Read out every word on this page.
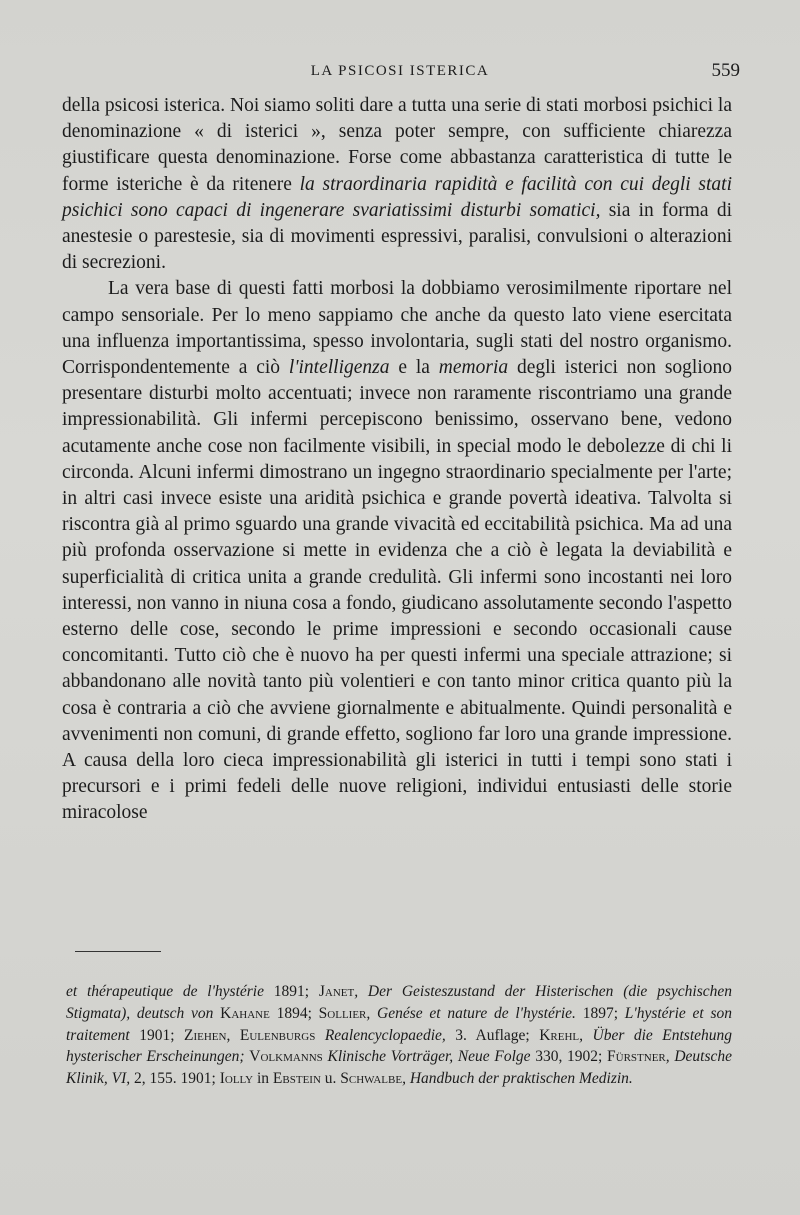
LA PSICOSI ISTERICA	559

della psicosi isterica. Noi siamo soliti dare a tutta una serie di stati morbosi psichici la denominazione « di isterici », senza poter sempre, con sufficiente chiarezza giustificare questa denominazione. Forse come abbastanza caratteristica di tutte le forme isteriche è da ritenere la straordinaria rapidità e facilità con cui degli stati psichici sono capaci di ingenerare svariatissimi disturbi somatici, sia in forma di anestesie o parestesie, sia di movimenti espressivi, paralisi, convulsioni o alterazioni di secrezioni.

La vera base di questi fatti morbosi la dobbiamo verosimilmente riportare nel campo sensoriale. Per lo meno sappiamo che anche da questo lato viene esercitata una influenza importantissima, spesso involontaria, sugli stati del nostro organismo. Corrispondentemente a ciò l'intelligenza e la memoria degli isterici non sogliono presentare disturbi molto accentuati; invece non raramente riscontriamo una grande impressionabilità. Gli infermi percepiscono benissimo, osservano bene, vedono acutamente anche cose non facilmente visibili, in special modo le debolezze di chi li circonda. Alcuni infermi dimostrano un ingegno straordinario specialmente per l'arte; in altri casi invece esiste una aridità psichica e grande povertà ideativa. Talvolta si riscontra già al primo sguardo una grande vivacità ed eccitabilità psichica. Ma ad una più profonda osservazione si mette in evidenza che a ciò è legata la deviabilità e superficialità di critica unita a grande credulità. Gli infermi sono incostanti nei loro interessi, non vanno in niuna cosa a fondo, giudicano assolutamente secondo l'aspetto esterno delle cose, secondo le prime impressioni e secondo occasionali cause concomitanti. Tutto ciò che è nuovo ha per questi infermi una speciale attrazione; si abbandonano alle novità tanto più volentieri e con tanto minor critica quanto più la cosa è contraria a ciò che avviene giornalmente e abitualmente. Quindi personalità e avvenimenti non comuni, di grande effetto, sogliono far loro una grande impressione. A causa della loro cieca impressionabilità gli isterici in tutti i tempi sono stati i precursori e i primi fedeli delle nuove religioni, individui entusiasti delle storie miracolose

et thérapeutique de l'hystérie 1891; Janet, Der Geisteszustand der Histerischen (die psychischen Stigmata), deutsch von Kahane 1894; Sollier, Genése et nature de l'hystérie. 1897; L'hystérie et son traitement 1901; Ziehen, Eulenburgs Realencyclopaedie, 3. Auflage; Krehl, Über die Entstehung hysterischer Erscheinungen; Volkmanns Klinische Vorträger, Neue Folge 330, 1902; Fürstner, Deutsche Klinik, VI, 2, 155. 1901; Iolly in Ebstein u. Schwalbe, Handbuch der praktischen Medizin.
